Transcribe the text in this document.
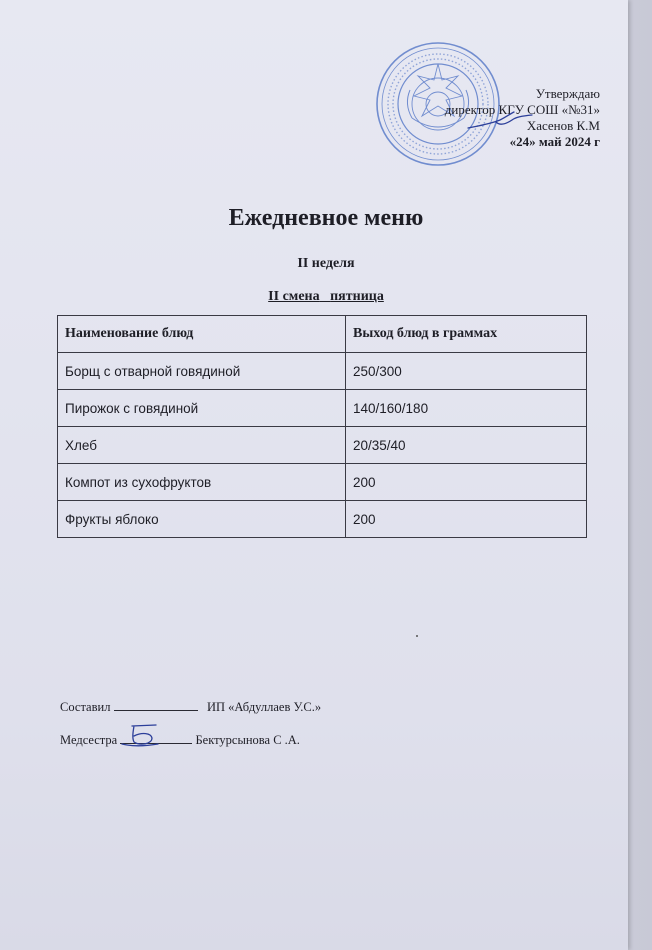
Утверждаю
директор КГУ СОШ «№31»
Хасенов К.М
«24» май 2024 г
Ежедневное меню
II неделя
II смена пятница
Наименование блюд	Выход блюд в граммах
Борщ с отварной говядиной	250/300
Пирожок с говядиной	140/160/180
Хлеб	20/35/40
Компот из сухофруктов	200
Фрукты яблоко	200
Составил	ИП «Абдуллаев У.С.»
Медсестра	Бектурсынова С .А.
